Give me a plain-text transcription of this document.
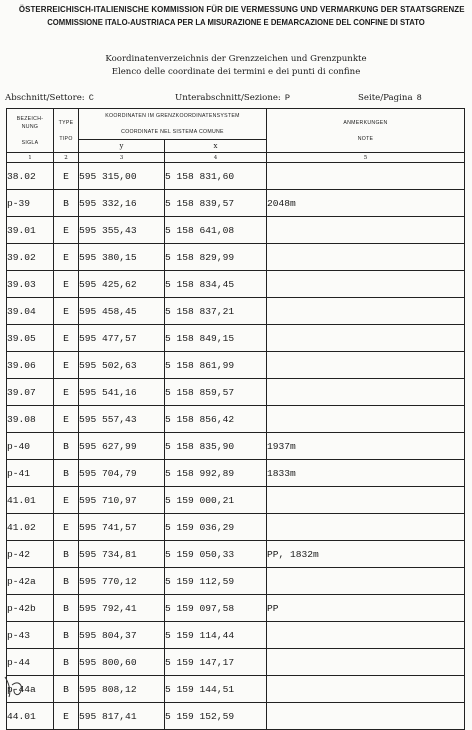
ÖSTERREICHISCH-ITALIENISCHE KOMMISSION FÜR DIE VERMESSUNG UND VERMARKUNG DER STAATSGRENZE
COMMISSIONE ITALO-AUSTRIACA PER LA MISURAZIONE E DEMARCAZIONE DEL CONFINE DI STATO
Koordinatenverzeichnis der Grenzzeichen und Grenzpunkte
Elenco delle coordinate dei termini e dei punti di confine
Abschnitt/Settore: C	Unterabschnitt/Sezione: P	Seite/Pagina 8
BEZEICH-
NUNG

SIGLA	TYPE

TIPO	KOORDINATEN IM GRENZKOORDINATENSYSTEM

COORDINATE NEL SISTEMA COMUNE		ANMERKUNGEN

NOTE
		y	x	
1	2	3	4	5
38.02	E	595 315,00	5 158 831,60	
p-39	B	595 332,16	5 158 839,57	2048m
39.01	E	595 355,43	5 158 641,08	
39.02	E	595 380,15	5 158 829,99	
39.03	E	595 425,62	5 158 834,45	
39.04	E	595 458,45	5 158 837,21	
39.05	E	595 477,57	5 158 849,15	
39.06	E	595 502,63	5 158 861,99	
39.07	E	595 541,16	5 158 859,57	
39.08	E	595 557,43	5 158 856,42	
p-40	B	595 627,99	5 158 835,90	1937m
p-41	B	595 704,79	5 158 992,89	1833m
41.01	E	595 710,97	5 159 000,21	
41.02	E	595 741,57	5 159 036,29	
p-42	B	595 734,81	5 159 050,33	PP, 1832m
p-42a	B	595 770,12	5 159 112,59	
p-42b	B	595 792,41	5 159 097,58	PP
p-43	B	595 804,37	5 159 114,44	
p-44	B	595 800,60	5 159 147,17	
p-44a	B	595 808,12	5 159 144,51	
44.01	E	595 817,41	5 159 152,59	
